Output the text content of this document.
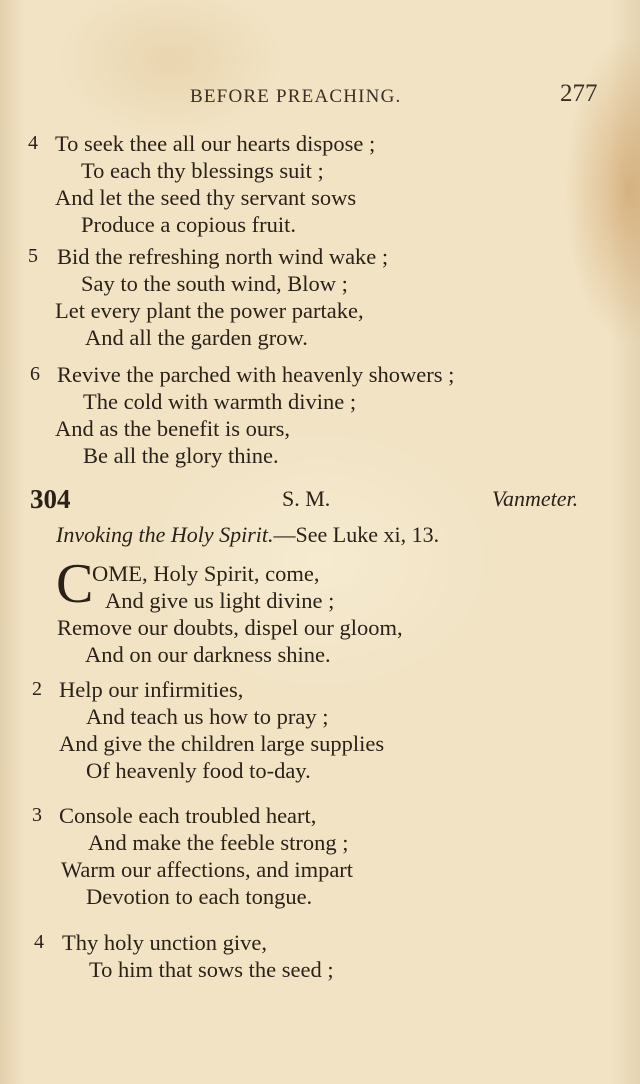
BEFORE PREACHING.	277
4 To seek thee all our hearts dispose ;
To each thy blessings suit ;
And let the seed thy servant sows
Produce a copious fruit.
5 Bid the refreshing north wind wake ;
Say to the south wind, Blow ;
Let every plant the power partake,
And all the garden grow.
6 Revive the parched with heavenly showers ;
The cold with warmth divine ;
And as the benefit is ours,
Be all the glory thine.
304	S. M.	Vanmeter.
Invoking the Holy Spirit.—See Luke xi, 13.
C
OME, Holy Spirit, come,
And give us light divine ;
Remove our doubts, dispel our gloom,
And on our darkness shine.
2 Help our infirmities,
And teach us how to pray ;
And give the children large supplies
Of heavenly food to-day.
3 Console each troubled heart,
And make the feeble strong ;
Warm our affections, and impart
Devotion to each tongue.
4 Thy holy unction give,
To him that sows the seed ;
